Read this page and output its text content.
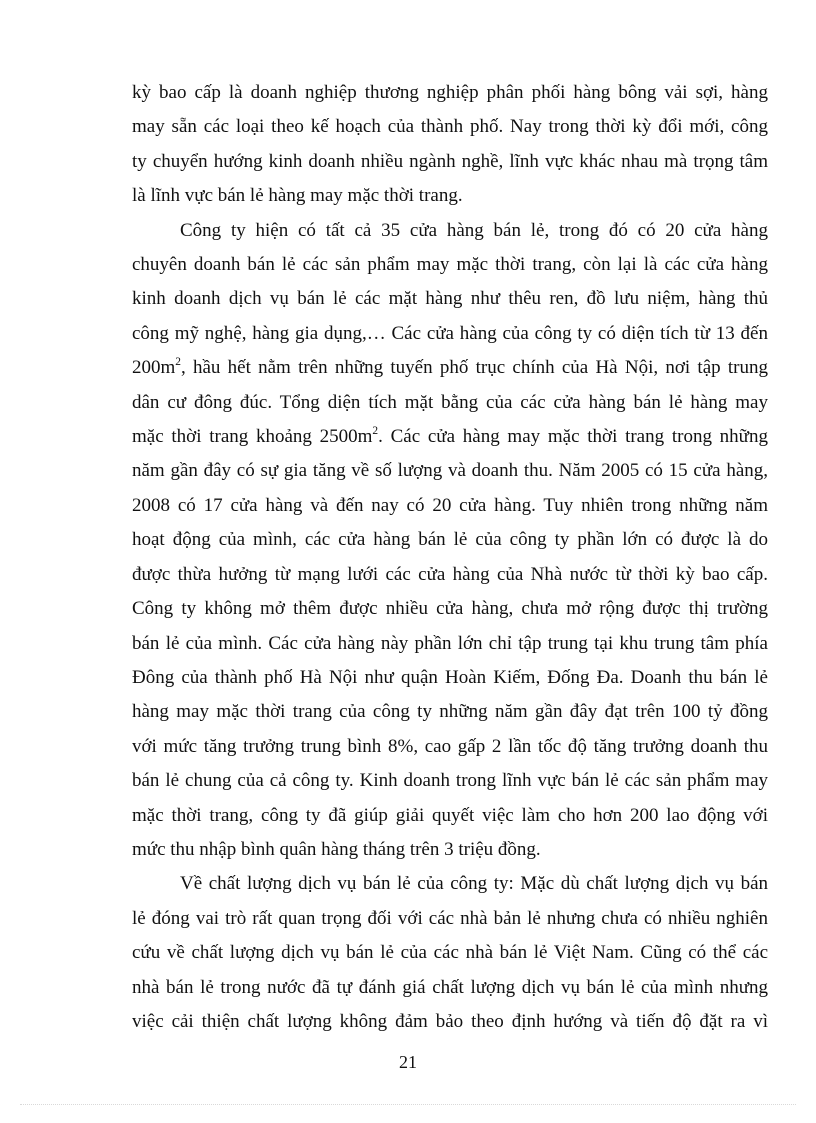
kỳ bao cấp là doanh nghiệp thương nghiệp phân phối hàng bông vải sợi, hàng
may sẵn các loại theo kế hoạch của thành phố. Nay trong thời kỳ đổi mới, công
ty chuyển hướng kinh doanh nhiều ngành nghề, lĩnh vực khác nhau mà trọng tâm
là lĩnh vực bán lẻ hàng may mặc thời trang.

Công ty hiện có tất cả 35 cửa hàng bán lẻ, trong đó có 20 cửa hàng
chuyên doanh bán lẻ các sản phẩm may mặc thời trang, còn lại là các cửa hàng
kinh doanh dịch vụ bán lẻ các mặt hàng như thêu ren, đồ lưu niệm, hàng thủ
công mỹ nghệ, hàng gia dụng,… Các cửa hàng của công ty có diện tích từ 13 đến
$200m^2$, hầu hết nằm trên những tuyến phố trục chính của Hà Nội, nơi tập trung
dân cư đông đúc. Tổng diện tích mặt bằng của các cửa hàng bán lẻ hàng may
mặc thời trang khoảng $2500m^2$. Các cửa hàng may mặc thời trang trong những
năm gần đây có sự gia tăng về số lượng và doanh thu. Năm 2005 có 15 cửa hàng,
2008 có 17 cửa hàng và đến nay có 20 cửa hàng. Tuy nhiên trong những năm
hoạt động của mình, các cửa hàng bán lẻ của công ty phần lớn có được là do
được thừa hưởng từ mạng lưới các cửa hàng của Nhà nước từ thời kỳ bao cấp.
Công ty không mở thêm được nhiều cửa hàng, chưa mở rộng được thị trường
bán lẻ của mình. Các cửa hàng này phần lớn chỉ tập trung tại khu trung tâm phía
Đông của thành phố Hà Nội như quận Hoàn Kiếm, Đống Đa. Doanh thu bán lẻ
hàng may mặc thời trang của công ty những năm gần đây đạt trên 100 tỷ đồng
với mức tăng trưởng trung bình 8%, cao gấp 2 lần tốc độ tăng trưởng doanh thu
bán lẻ chung của cả công ty. Kinh doanh trong lĩnh vực bán lẻ các sản phẩm may
mặc thời trang, công ty đã giúp giải quyết việc làm cho hơn 200 lao động với
mức thu nhập bình quân hàng tháng trên 3 triệu đồng.

Về chất lượng dịch vụ bán lẻ của công ty: Mặc dù chất lượng dịch vụ bán
lẻ đóng vai trò rất quan trọng đối với các nhà bản lẻ nhưng chưa có nhiều nghiên
cứu về chất lượng dịch vụ bán lẻ của các nhà bán lẻ Việt Nam. Cũng có thể các
nhà bán lẻ trong nước đã tự đánh giá chất lượng dịch vụ bán lẻ của mình nhưng
việc cải thiện chất lượng không đảm bảo theo định hướng và tiến độ đặt ra vì

21
